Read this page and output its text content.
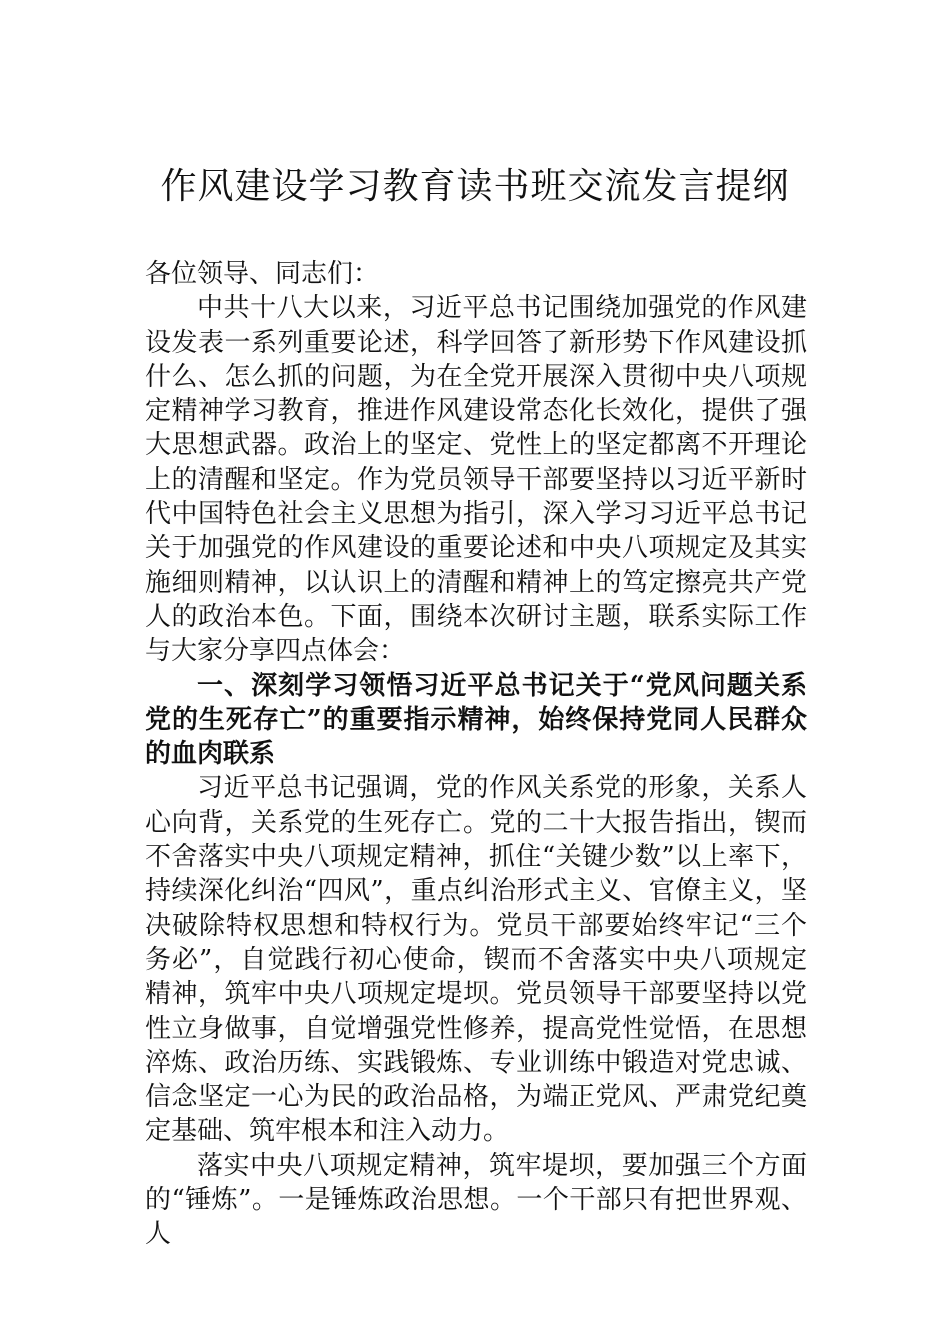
作风建设学习教育读书班交流发言提纲

各位领导、同志们：

中共十八大以来，习近平总书记围绕加强党的作风建设发表一系列重要论述，科学回答了新形势下作风建设抓什么、怎么抓的问题，为在全党开展深入贯彻中央八项规定精神学习教育，推进作风建设常态化长效化，提供了强大思想武器。政治上的坚定、党性上的坚定都离不开理论上的清醒和坚定。作为党员领导干部要坚持以习近平新时代中国特色社会主义思想为指引，深入学习习近平总书记关于加强党的作风建设的重要论述和中央八项规定及其实施细则精神，以认识上的清醒和精神上的笃定擦亮共产党人的政治本色。下面，围绕本次研讨主题，联系实际工作与大家分享四点体会：

一、深刻学习领悟习近平总书记关于“党风问题关系党的生死存亡”的重要指示精神，始终保持党同人民群众的血肉联系

习近平总书记强调，党的作风关系党的形象，关系人心向背，关系党的生死存亡。党的二十大报告指出，锲而不舍落实中央八项规定精神，抓住“关键少数”以上率下，持续深化纠治“四风”，重点纠治形式主义、官僚主义，坚决破除特权思想和特权行为。党员干部要始终牢记“三个务必”，自觉践行初心使命，锲而不舍落实中央八项规定精神，筑牢中央八项规定堤坝。党员领导干部要坚持以党性立身做事，自觉增强党性修养，提高党性觉悟，在思想淬炼、政治历练、实践锻炼、专业训练中锻造对党忠诚、信念坚定一心为民的政治品格，为端正党风、严肃党纪奠定基础、筑牢根本和注入动力。

落实中央八项规定精神，筑牢堤坝，要加强三个方面的“锤炼”。一是锤炼政治思想。一个干部只有把世界观、人
